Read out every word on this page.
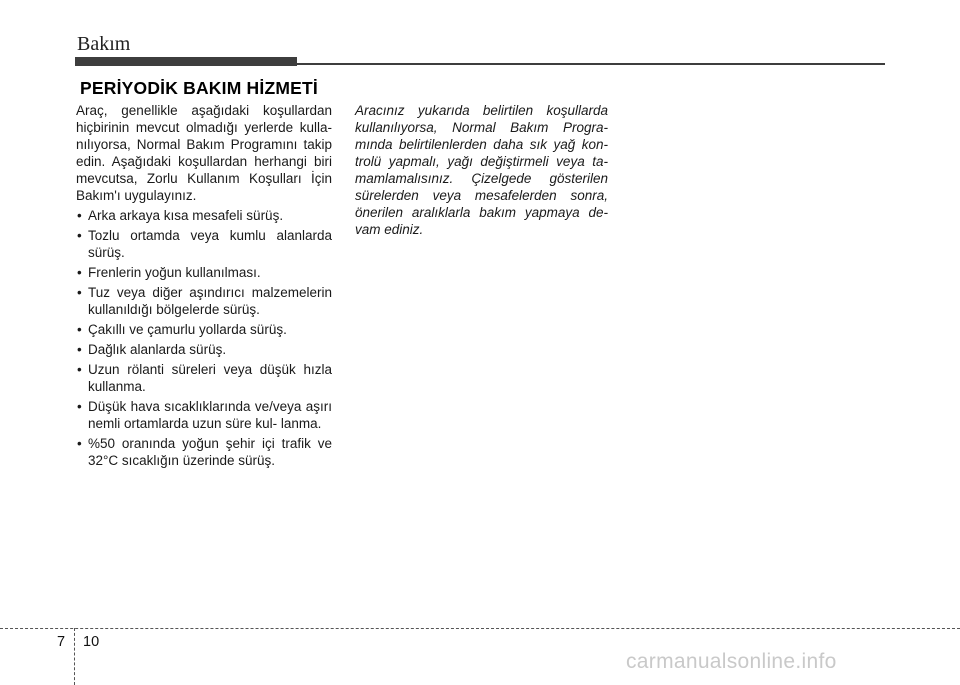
Bakım
PERİYODİK BAKIM HİZMETİ

Araç, genellikle aşağıdaki koşullardan hiçbirinin mevcut olmadığı yerlerde kulla- nılıyorsa, Normal Bakım Programını takip edin. Aşağıdaki koşullardan herhangi biri mevcutsa, Zorlu Kullanım Koşulları İçin Bakım'ı uygulayınız.

• Arka arkaya kısa mesafeli sürüş.
• Tozlu ortamda veya kumlu alanlarda sürüş.
• Frenlerin yoğun kullanılması.
• Tuz veya diğer aşındırıcı malzemelerin kullanıldığı bölgelerde sürüş.
• Çakıllı ve çamurlu yollarda sürüş.
• Dağlık alanlarda sürüş.
• Uzun rölanti süreleri veya düşük hızla kullanma.
• Düşük hava sıcaklıklarında ve/veya aşırı nemli ortamlarda uzun süre kul- lanma.
• %50 oranında yoğun şehir içi trafik ve 32°C sıcaklığın üzerinde sürüş.

Aracınız yukarıda belirtilen koşullarda kullanılıyorsa, Normal Bakım Progra- mında belirtilenlerden daha sık yağ kon- trolü yapmalı, yağı değiştirmeli veya ta- mamlamalısınız. Çizelgede gösterilen sürelerden veya mesafelerden sonra, önerilen aralıklarla bakım yapmaya de- vam ediniz.

7 10
carmanualsonline.info
